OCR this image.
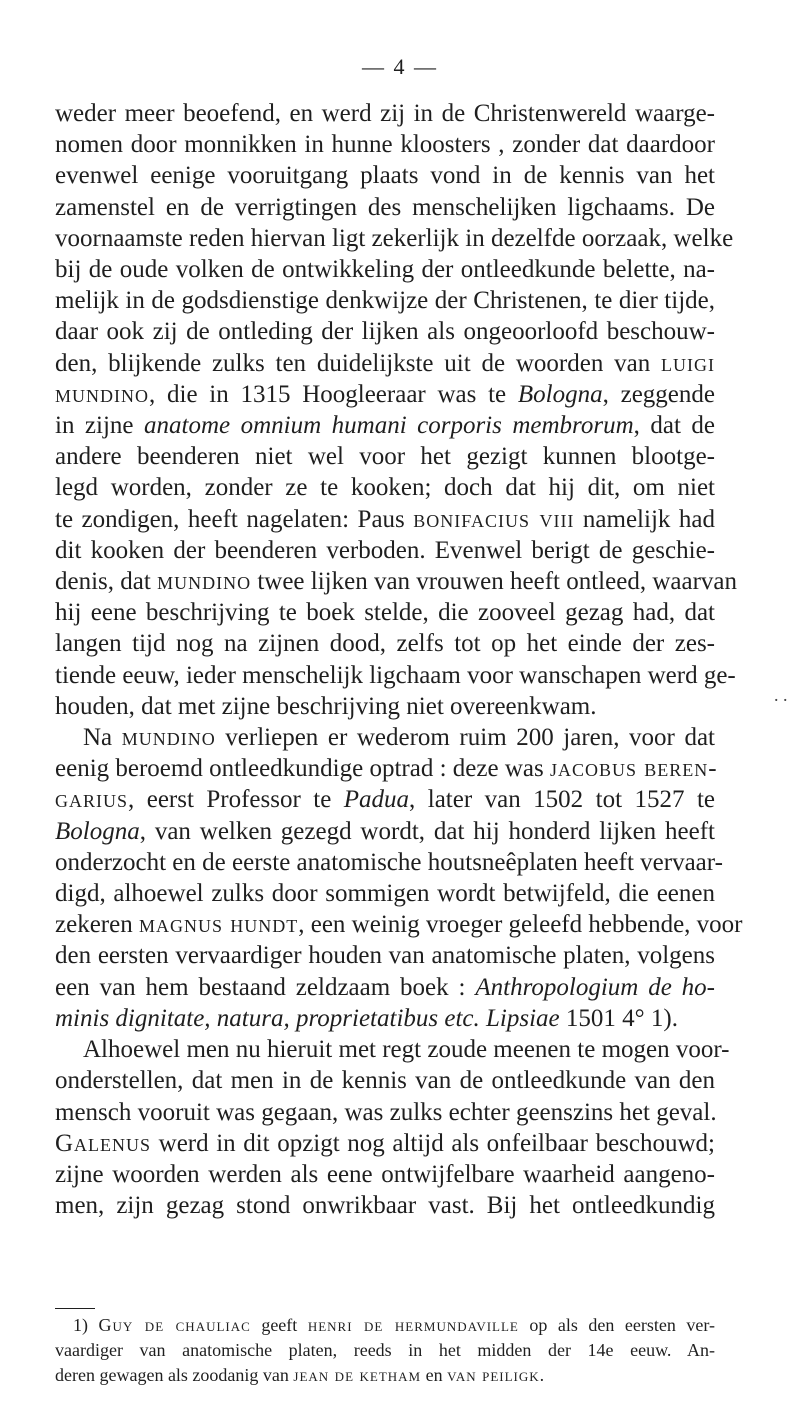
— 4 —
weder meer beoefend, en werd zij in de Christenwereld waarge-
nomen door monnikken in hunne kloosters , zonder dat daardoor
evenwel eenige vooruitgang plaats vond in de kennis van het
zamenstel en de verrigtingen des menschelijken ligchaams. De
voornaamste reden hiervan ligt zekerlijk in dezelfde oorzaak, welke
bij de oude volken de ontwikkeling der ontleedkunde belette, na-
melijk in de godsdienstige denkwijze der Christenen, te dier tijde,
daar ook zij de ontleding der lijken als ongeoorloofd beschouw-
den, blijkende zulks ten duidelijkste uit de woorden van luigi
mundino, die in 1315 Hoogleeraar was te Bologna, zeggende
in zijne anatome omnium humani corporis membrorum, dat de
andere beenderen niet wel voor het gezigt kunnen blootge-
legd worden, zonder ze te kooken; doch dat hij dit, om niet
te zondigen, heeft nagelaten: Paus bonifacius viii namelijk had
dit kooken der beenderen verboden. Evenwel berigt de geschie-
denis, dat mundino twee lijken van vrouwen heeft ontleed, waarvan
hij eene beschrijving te boek stelde, die zooveel gezag had, dat
langen tijd nog na zijnen dood, zelfs tot op het einde der zes-
tiende eeuw, ieder menschelijk ligchaam voor wanschapen werd ge-
houden, dat met zijne beschrijving niet overeenkwam.
Na mundino verliepen er wederom ruim 200 jaren, voor dat
eenig beroemd ontleedkundige optrad : deze was jacobus beren-
garius, eerst Professor te Padua, later van 1502 tot 1527 te
Bologna, van welken gezegd wordt, dat hij honderd lijken heeft
onderzocht en de eerste anatomische houtsneêplaten heeft vervaar-
digd, alhoewel zulks door sommigen wordt betwijfeld, die eenen
zekeren magnus hundt, een weinig vroeger geleefd hebbende, voor
den eersten vervaardiger houden van anatomische platen, volgens
een van hem bestaand zeldzaam boek : Anthropologium de ho-
minis dignitate, natura, proprietatibus etc. Lipsiae 1501 4° 1).
Alhoewel men nu hieruit met regt zoude meenen te mogen voor-
onderstellen, dat men in de kennis van de ontleedkunde van den
mensch vooruit was gegaan, was zulks echter geenszins het geval.
Galenus werd in dit opzigt nog altijd als onfeilbaar beschouwd;
zijne woorden werden als eene ontwijfelbare waarheid aangeno-
men, zijn gezag stond onwrikbaar vast. Bij het ontleedkundig
. .
1) Guy de chauliac geeft henri de hermundaville op als den eersten ver-
vaardiger van anatomische platen, reeds in het midden der 14e eeuw. An-
deren gewagen als zoodanig van jean de ketham en van peiligk.
